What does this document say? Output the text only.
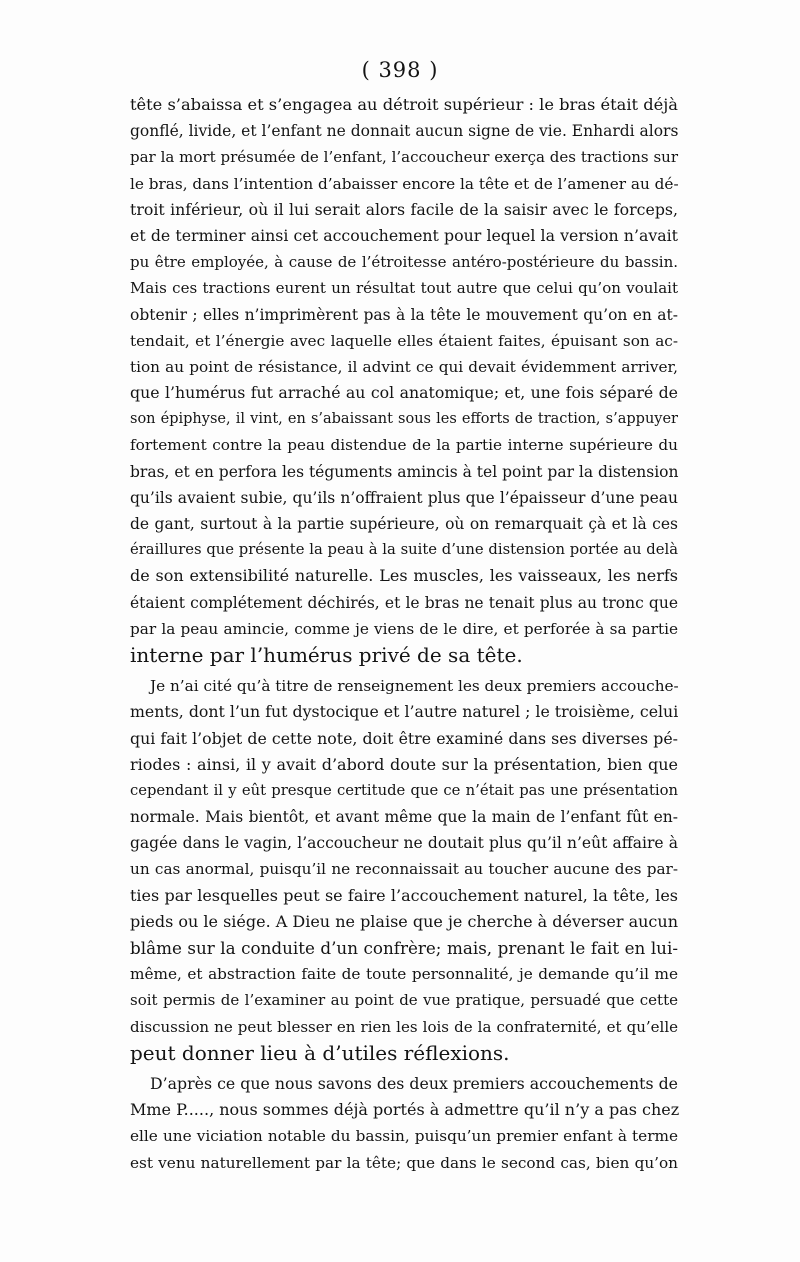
( 398 )
tête s’abaissa et s’engagea au détroit supérieur : le bras était déjà
gonflé, livide, et l’enfant ne donnait aucun signe de vie. Enhardi alors
par la mort présumée de l’enfant, l’accoucheur exerça des tractions sur
le bras, dans l’intention d’abaisser encore la tête et de l’amener au dé-
troit inférieur, où il lui serait alors facile de la saisir avec le forceps,
et de terminer ainsi cet accouchement pour lequel la version n’avait
pu être employée, à cause de l’étroitesse antéro-postérieure du bassin.
Mais ces tractions eurent un résultat tout autre que celui qu’on voulait
obtenir ; elles n’imprimèrent pas à la tête le mouvement qu’on en at-
tendait, et l’énergie avec laquelle elles étaient faites, épuisant son ac-
tion au point de résistance, il advint ce qui devait évidemment arriver,
que l’humérus fut arraché au col anatomique; et, une fois séparé de
son épiphyse, il vint, en s’abaissant sous les efforts de traction, s’appuyer
fortement contre la peau distendue de la partie interne supérieure du
bras, et en perfora les téguments amincis à tel point par la distension
qu’ils avaient subie, qu’ils n’offraient plus que l’épaisseur d’une peau
de gant, surtout à la partie supérieure, où on remarquait çà et là ces
éraillures que présente la peau à la suite d’une distension portée au delà
de son extensibilité naturelle. Les muscles, les vaisseaux, les nerfs
étaient complétement déchirés, et le bras ne tenait plus au tronc que
par la peau amincie, comme je viens de le dire, et perforée à sa partie
interne par l’humérus privé de sa tête.
Je n’ai cité qu’à titre de renseignement les deux premiers accouche-
ments, dont l’un fut dystocique et l’autre naturel ; le troisième, celui
qui fait l’objet de cette note, doit être examiné dans ses diverses pé-
riodes : ainsi, il y avait d’abord doute sur la présentation, bien que
cependant il y eût presque certitude que ce n’était pas une présentation
normale. Mais bientôt, et avant même que la main de l’enfant fût en-
gagée dans le vagin, l’accoucheur ne doutait plus qu’il n’eût affaire à
un cas anormal, puisqu’il ne reconnaissait au toucher aucune des par-
ties par lesquelles peut se faire l’accouchement naturel, la tête, les
pieds ou le siége. A Dieu ne plaise que je cherche à déverser aucun
blâme sur la conduite d’un confrère; mais, prenant le fait en lui-
même, et abstraction faite de toute personnalité, je demande qu’il me
soit permis de l’examiner au point de vue pratique, persuadé que cette
discussion ne peut blesser en rien les lois de la confraternité, et qu’elle
peut donner lieu à d’utiles réflexions.
D’après ce que nous savons des deux premiers accouchements de
Mme P....., nous sommes déjà portés à admettre qu’il n’y a pas chez
elle une viciation notable du bassin, puisqu’un premier enfant à terme
est venu naturellement par la tête; que dans le second cas, bien qu’on
